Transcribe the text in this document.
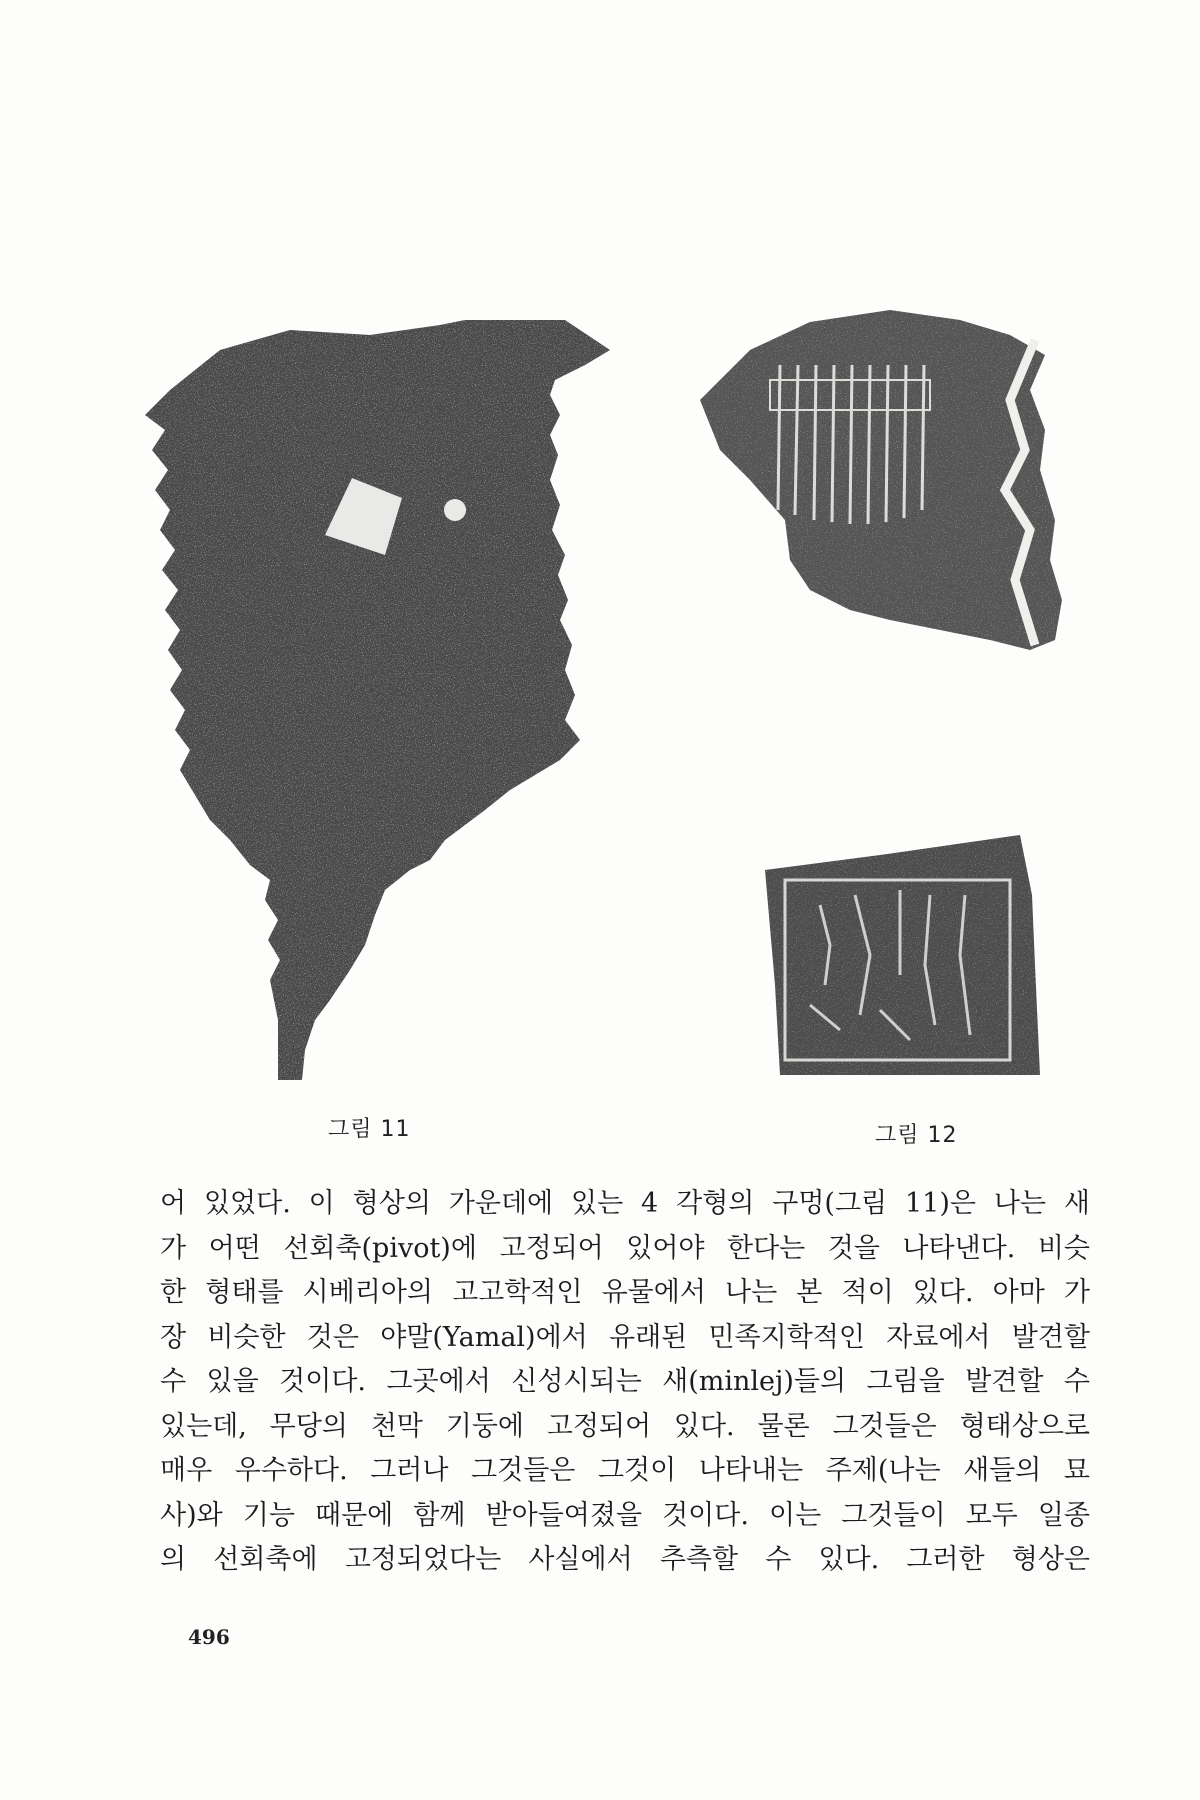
그림 11	그림 12
어 있었다. 이 형상의 가운데에 있는 4 각형의 구멍(그림 11)은 나는 새
가 어떤 선회축(pivot)에 고정되어 있어야 한다는 것을 나타낸다. 비슷
한 형태를 시베리아의 고고학적인 유물에서 나는 본 적이 있다. 아마 가
장 비슷한 것은 야말(Yamal)에서 유래된 민족지학적인 자료에서 발견할
수 있을 것이다. 그곳에서 신성시되는 새(minlej)들의 그림을 발견할 수
있는데, 무당의 천막 기둥에 고정되어 있다. 물론 그것들은 형태상으로
매우 우수하다. 그러나 그것들은 그것이 나타내는 주제(나는 새들의 묘
사)와 기능 때문에 함께 받아들여졌을 것이다. 이는 그것들이 모두 일종
의 선회축에 고정되었다는 사실에서 추측할 수 있다. 그러한 형상은
496
